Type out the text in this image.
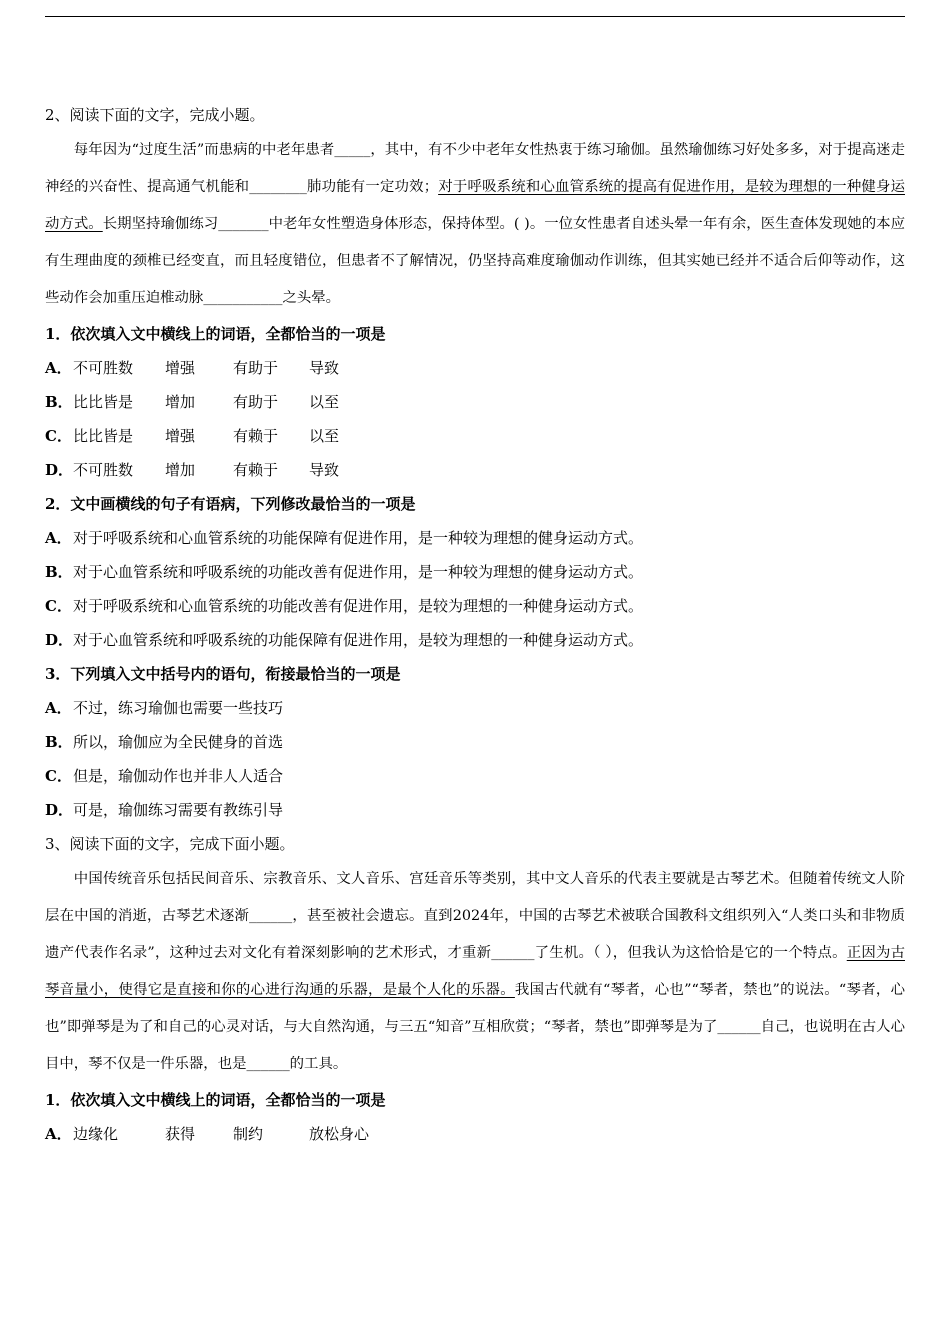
2、阅读下面的文字，完成小题。
每年因为“过度生活”而患病的中老年患者_____，其中，有不少中老年女性热衷于练习瑜伽。虽然瑜伽练习好处多多，对于提高迷走神经的兴奋性、提高通气机能和________肺功能有一定功效；对于呼吸系统和心血管系统的提高有促进作用，是较为理想的一种健身运动方式。长期坚持瑜伽练习_______中老年女性塑造身体形态，保持体型。( )。一位女性患者自述头晕一年有余，医生查体发现她的本应有生理曲度的颈椎已经变直，而且轻度错位，但患者不了解情况，仍坚持高难度瑜伽动作训练，但其实她已经并不适合后仰等动作，这些动作会加重压迫椎动脉___________之头晕。
1．依次填入文中横线上的词语，全都恰当的一项是
A．不可胜数 增强	有助于 导致
B．比比皆是 增加	有助于 以至
C．比比皆是 增强	有赖于 以至
D．不可胜数 增加	有赖于 导致
2．文中画横线的句子有语病，下列修改最恰当的一项是
A．对于呼吸系统和心血管系统的功能保障有促进作用，是一种较为理想的健身运动方式。
B．对于心血管系统和呼吸系统的功能改善有促进作用，是一种较为理想的健身运动方式。
C．对于呼吸系统和心血管系统的功能改善有促进作用，是较为理想的一种健身运动方式。
D．对于心血管系统和呼吸系统的功能保障有促进作用，是较为理想的一种健身运动方式。
3．下列填入文中括号内的语句，衔接最恰当的一项是
A．不过，练习瑜伽也需要一些技巧
B．所以，瑜伽应为全民健身的首选
C．但是，瑜伽动作也并非人人适合
D．可是，瑜伽练习需要有教练引导
3、阅读下面的文字，完成下面小题。
中国传统音乐包括民间音乐、宗教音乐、文人音乐、宫廷音乐等类别，其中文人音乐的代表主要就是古琴艺术。但随着传统文人阶层在中国的消逝，古琴艺术逐渐______，甚至被社会遗忘。直到2024年，中国的古琴艺术被联合国教科文组织列入“人类口头和非物质遗产代表作名录”，这种过去对文化有着深刻影响的艺术形式，才重新______了生机。（ ），但我认为这恰恰是它的一个特点。正因为古琴音量小，使得它是直接和你的心进行沟通的乐器，是最个人化的乐器。我国古代就有“琴者，心也”“琴者，禁也”的说法。“琴者，心也”即弹琴是为了和自己的心灵对话，与大自然沟通，与三五“知音”互相欣赏；“琴者，禁也”即弹琴是为了______自己，也说明在古人心目中，琴不仅是一件乐器，也是______的工具。
1．依次填入文中横线上的词语，全都恰当的一项是
A．边缘化	获得	制约	放松身心
